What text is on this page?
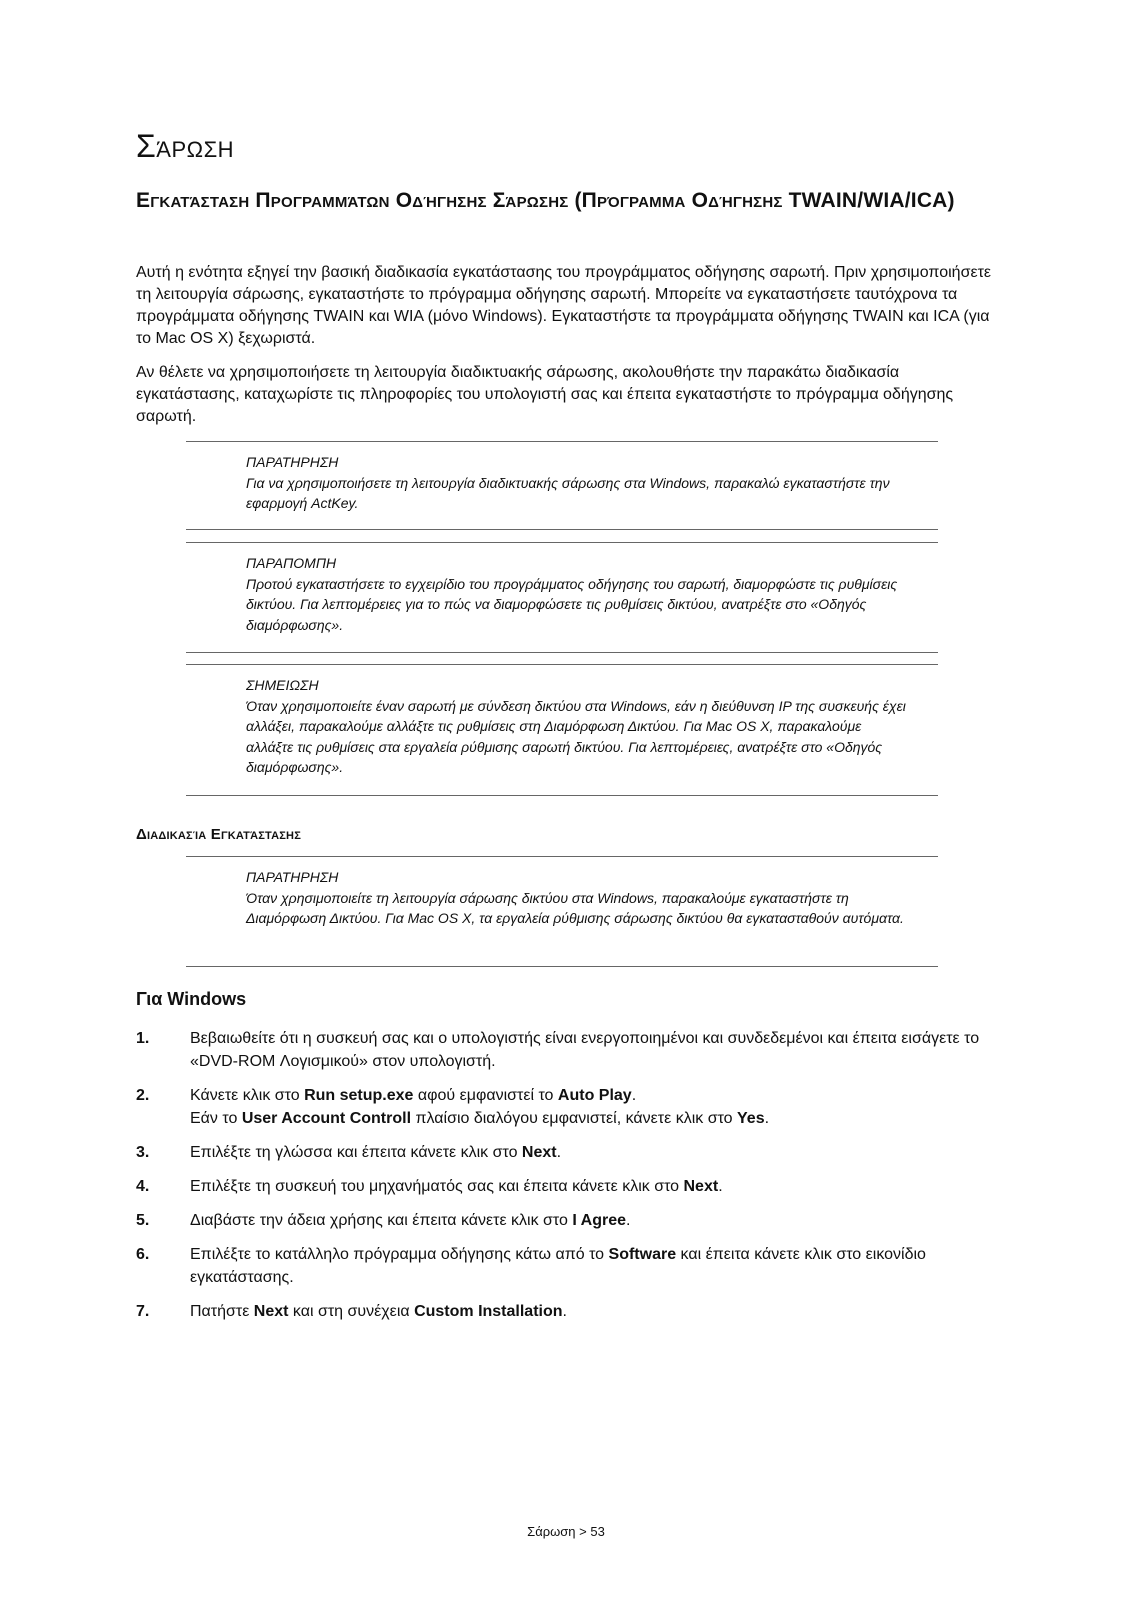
Σάρωση
Εγκατάσταση Προγραμμάτων Οδήγησης Σάρωσης (Πρόγραμμα Οδήγησης TWAIN/WIA/ICA)

Αυτή η ενότητα εξηγεί την βασική διαδικασία εγκατάστασης του προγράμματος οδήγησης σαρωτή. Πριν χρησιμοποιήσετε τη λειτουργία σάρωσης, εγκαταστήστε το πρόγραμμα οδήγησης σαρωτή. Μπορείτε να εγκαταστήσετε ταυτόχρονα τα προγράμματα οδήγησης TWAIN και WIA (μόνο Windows). Εγκαταστήστε τα προγράμματα οδήγησης TWAIN και ICA (για το Mac OS X) ξεχωριστά.

Αν θέλετε να χρησιμοποιήσετε τη λειτουργία διαδικτυακής σάρωσης, ακολουθήστε την παρακάτω διαδικασία εγκατάστασης, καταχωρίστε τις πληροφορίες του υπολογιστή σας και έπειτα εγκαταστήστε το πρόγραμμα οδήγησης σαρωτή.

ΠΑΡΑΤΗΡΗΣΗ
Για να χρησιμοποιήσετε τη λειτουργία διαδικτυακής σάρωσης στα Windows, παρακαλώ εγκαταστήστε την εφαρμογή ActKey.
ΠΑΡΑΠΟΜΠΗ
Προτού εγκαταστήσετε το εγχειρίδιο του προγράμματος οδήγησης του σαρωτή, διαμορφώστε τις ρυθμίσεις δικτύου. Για λεπτομέρειες για το πώς να διαμορφώσετε τις ρυθμίσεις δικτύου, ανατρέξτε στο «Οδηγός διαμόρφωσης».
ΣΗΜΕΙΩΣΗ
Όταν χρησιμοποιείτε έναν σαρωτή με σύνδεση δικτύου στα Windows, εάν η διεύθυνση IP της συσκευής έχει αλλάξει, παρακαλούμε αλλάξτε τις ρυθμίσεις στη Διαμόρφωση Δικτύου. Για Mac OS X, παρακαλούμε αλλάξτε τις ρυθμίσεις στα εργαλεία ρύθμισης σαρωτή δικτύου. Για λεπτομέρειες, ανατρέξτε στο «Οδηγός διαμόρφωσης».
Διαδικασία Εγκατάστασης
ΠΑΡΑΤΗΡΗΣΗ
Όταν χρησιμοποιείτε τη λειτουργία σάρωσης δικτύου στα Windows, παρακαλούμε εγκαταστήστε τη Διαμόρφωση Δικτύου. Για Mac OS X, τα εργαλεία ρύθμισης σάρωσης δικτύου θα εγκατασταθούν αυτόματα.
Για Windows
1.	Βεβαιωθείτε ότι η συσκευή σας και ο υπολογιστής είναι ενεργοποιημένοι και συνδεδεμένοι και έπειτα εισάγετε το «DVD-ROM Λογισμικού» στον υπολογιστή.
2.	Κάνετε κλικ στο Run setup.exe αφού εμφανιστεί το Auto Play.
Εάν το User Account Controll πλαίσιο διαλόγου εμφανιστεί, κάνετε κλικ στο Yes.
3.	Επιλέξτε τη γλώσσα και έπειτα κάνετε κλικ στο Next.
4.	Επιλέξτε τη συσκευή του μηχανήματός σας και έπειτα κάνετε κλικ στο Next.
5.	Διαβάστε την άδεια χρήσης και έπειτα κάνετε κλικ στο I Agree.
6.	Επιλέξτε το κατάλληλο πρόγραμμα οδήγησης κάτω από το Software και έπειτα κάνετε κλικ στο εικονίδιο εγκατάστασης.
7.	Πατήστε Next και στη συνέχεια Custom Installation.
Σάρωση > 53
